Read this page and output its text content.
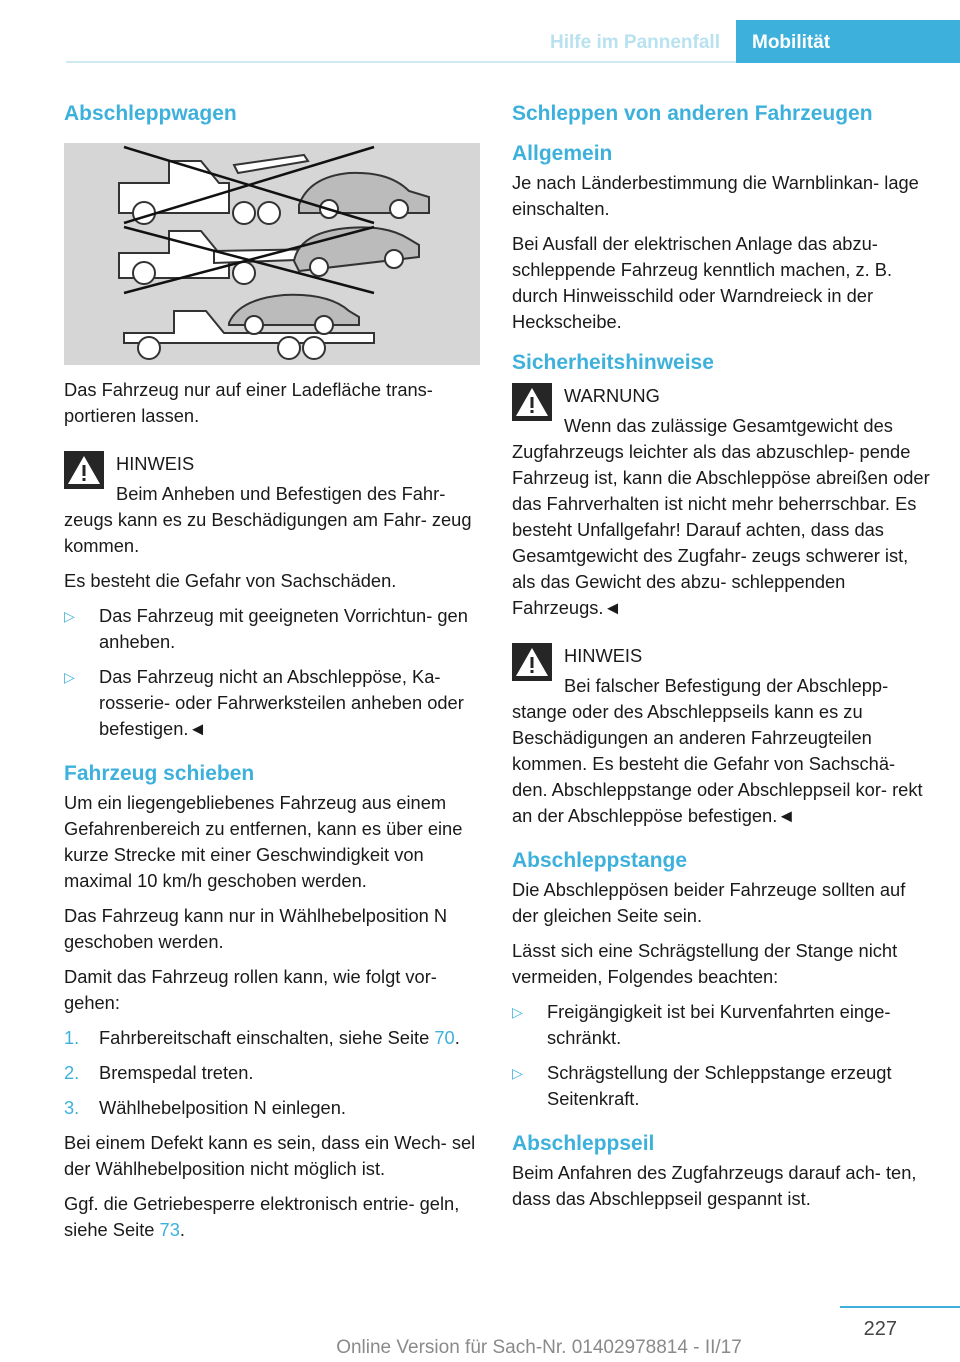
Hilfe im Pannenfall	Mobilität
Abschleppwagen

Das Fahrzeug nur auf einer Ladefläche trans‐ portieren lassen.

HINWEIS
Beim Anheben und Befestigen des Fahr‐ zeugs kann es zu Beschädigungen am Fahr‐ zeug kommen.

Es besteht die Gefahr von Sachschäden.

▷ Das Fahrzeug mit geeigneten Vorrichtun‐ gen anheben.
▷ Das Fahrzeug nicht an Abschleppöse, Ka‐ rosserie- oder Fahrwerksteilen anheben oder befestigen.◄
Fahrzeug schieben

Um ein liegengebliebenes Fahrzeug aus einem Gefahrenbereich zu entfernen, kann es über eine kurze Strecke mit einer Geschwindigkeit von maximal 10 km/h geschoben werden.

Das Fahrzeug kann nur in Wählhebelposition N geschoben werden.

Damit das Fahrzeug rollen kann, wie folgt vor‐ gehen:

1. Fahrbereitschaft einschalten, siehe Seite 70.
2. Bremspedal treten.
3. Wählhebelposition N einlegen.

Bei einem Defekt kann es sein, dass ein Wech‐ sel der Wählhebelposition nicht möglich ist.

Ggf. die Getriebesperre elektronisch entrie‐ geln, siehe Seite 73.

Schleppen von anderen Fahrzeugen
Allgemein

Je nach Länderbestimmung die Warnblinkan‐ lage einschalten.

Bei Ausfall der elektrischen Anlage das abzu‐ schleppende Fahrzeug kenntlich machen, z. B. durch Hinweisschild oder Warndreieck in der Heckscheibe.

Sicherheitshinweise
WARNUNG
Wenn das zulässige Gesamtgewicht des Zugfahrzeugs leichter als das abzuschlep‐ pende Fahrzeug ist, kann die Abschleppöse abreißen oder das Fahrverhalten ist nicht mehr beherrschbar. Es besteht Unfallgefahr! Darauf achten, dass das Gesamtgewicht des Zugfahr‐ zeugs schwerer ist, als das Gewicht des abzu‐ schleppenden Fahrzeugs.◄
HINWEIS
Bei falscher Befestigung der Abschlepp‐ stange oder des Abschleppseils kann es zu Beschädigungen an anderen Fahrzeugteilen kommen. Es besteht die Gefahr von Sachschä‐ den. Abschleppstange oder Abschleppseil kor‐ rekt an der Abschleppöse befestigen.◄
Abschleppstange

Die Abschleppösen beider Fahrzeuge sollten auf der gleichen Seite sein.

Lässt sich eine Schrägstellung der Stange nicht vermeiden, Folgendes beachten:

▷ Freigängigkeit ist bei Kurvenfahrten einge‐ schränkt.
▷ Schrägstellung der Schleppstange erzeugt Seitenkraft.
Abschleppseil

Beim Anfahren des Zugfahrzeugs darauf ach‐ ten, dass das Abschleppseil gespannt ist.

227
Online Version für Sach-Nr. 01402978814 - II/17
